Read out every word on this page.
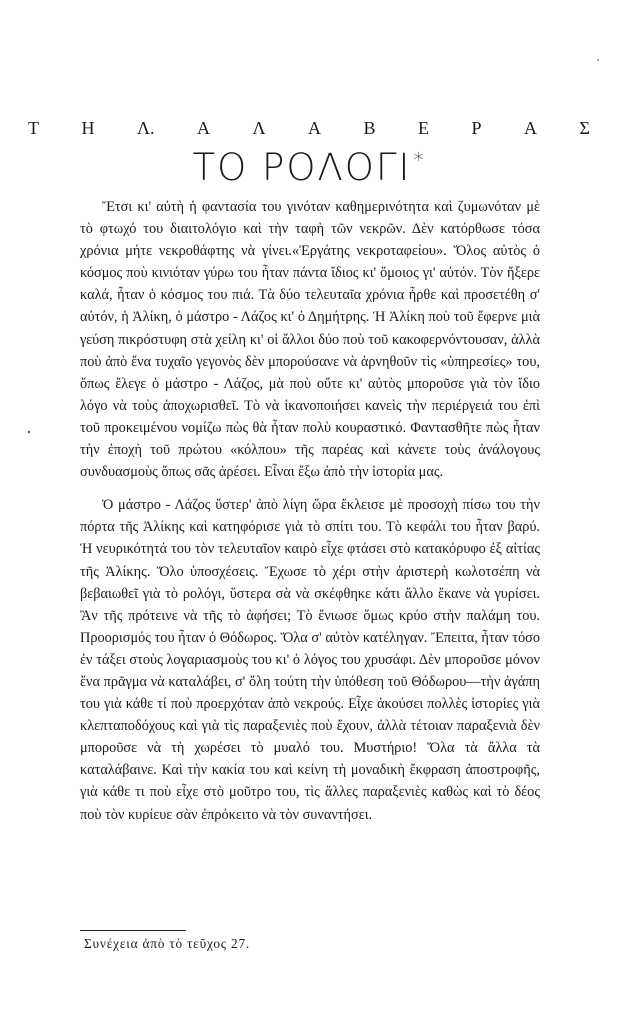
Τ Η Λ. Α Λ Α Β Ε Ρ Α Σ
ΤΟ ΡΟΛΟΓΙ *

Ἔτσι κι' αὐτὴ ἡ φαντασία του γινόταν καθημερινότητα καὶ ζυμωνόταν μὲ τὸ φτωχό του διαιτολόγιο καὶ τὴν ταφὴ τῶν νεκρῶν. Δὲν κατόρθωσε τόσα χρόνια μήτε νεκροθάφτης νὰ γίνει.«Ἐργάτης νεκροταφείου». Ὅλος αὐτὸς ὁ κόσμος ποὺ κινιόταν γύρω του ἦταν πάντα ἴδιος κι' ὅμοιος γι' αὐτόν. Τὸν ἤξερε καλά, ἦταν ὁ κόσμος του πιά. Τὰ δύο τελευταῖα χρόνια ἦρθε καὶ προσετέθη σ' αὐτόν, ἡ Ἀλίκη, ὁ μάστρο - Λάζος κι' ὁ Δημήτρης. Ἡ Ἀλίκη ποὺ τοῦ ἔφερνε μιὰ γεύση πικρόστυφη στὰ χείλη κι' οἱ ἄλλοι δύο ποὺ τοῦ κακοφερνόντουσαν, ἀλλὰ ποὺ ἀπὸ ἕνα τυχαῖο γεγονὸς δὲν μπορούσανε νὰ ἀρνηθοῦν τὶς «ὑπηρεσίες» του, ὅπως ἔλεγε ὁ μάστρο - Λάζος, μὰ ποὺ οὔτε κι' αὐτὸς μποροῦσε γιὰ τὸν ἴδιο λόγο νὰ τοὺς ἀποχωρισθεῖ. Τὸ νὰ ἱκανοποιήσει κανεὶς τὴν περιέργειά του ἐπὶ τοῦ προκειμένου νομίζω πὼς θὰ ἦταν πολὺ κουραστικό. Φαντασθῆτε πὼς ἦταν τὴν ἐποχὴ τοῦ πρώτου «κόλπου» τῆς παρέας καὶ κάνετε τοὺς ἀνάλογους συνδυασμοὺς ὅπως σᾶς ἀρέσει. Εἶναι ἔξω ἀπὸ τὴν ἱστορία μας.

Ὁ μάστρο - Λάζος ὕστερ' ἀπὸ λίγη ὥρα ἔκλεισε μὲ προσοχὴ πίσω του τὴν πόρτα τῆς Ἀλίκης καὶ κατηφόρισε γιὰ τὸ σπίτι του. Τὸ κεφάλι του ἦταν βαρύ. Ἡ νευρικότητά του τὸν τελευταῖον καιρὸ εἶχε φτάσει στὸ κατακόρυφο ἐξ αἰτίας τῆς Ἀλίκης. Ὅλο ὑποσχέσεις. Ἔχωσε τὸ χέρι στὴν ἀριστερὴ κωλοτσέπη νὰ βεβαιωθεῖ γιὰ τὸ ρολόγι, ὕστερα σὰ νὰ σκέφθηκε κάτι ἄλλο ἔκανε νὰ γυρίσει. Ἂν τῆς πρότεινε νὰ τῆς τὸ ἀφήσει; Τὸ ἔνιωσε ὅμως κρύο στὴν παλάμη του. Προορισμός του ἦταν ὁ Θόδωρος. Ὅλα σ' αὐτὸν κατέληγαν. Ἔπειτα, ἦταν τόσο ἐν τάξει στοὺς λογαριασμοὺς του κι' ὁ λόγος του χρυσάφι. Δὲν μποροῦσε μόνον ἕνα πρᾶγμα νὰ καταλάβει, σ' ὅλη τούτη τὴν ὑπόθεση τοῦ Θόδωρου—τὴν ἀγάπη του γιὰ κάθε τί ποὺ προερχόταν ἀπὸ νεκρούς. Εἶχε ἀκούσει πολλὲς ἱστορίες γιὰ κλεπταποδόχους καὶ γιὰ τὶς παραξενιὲς ποὺ ἔχουν, ἀλλὰ τέτοιαν παραξενιὰ δὲν μποροῦσε νὰ τὴ χωρέσει τὸ μυαλό του. Μυστήριο! Ὅλα τὰ ἄλλα τὰ καταλάβαινε. Καὶ τὴν κακία του καὶ κείνη τὴ μοναδικὴ ἔκφραση ἀποστροφῆς, γιὰ κάθε τι ποὺ εἶχε στὸ μοῦτρο του, τὶς ἄλλες παραξενιὲς καθὼς καὶ τὸ δέος ποὺ τὸν κυρίευε σὰν ἐπρόκειτο νὰ τὸν συναντήσει.

Συνέχεια ἀπὸ τὸ τεῦχος 27.
